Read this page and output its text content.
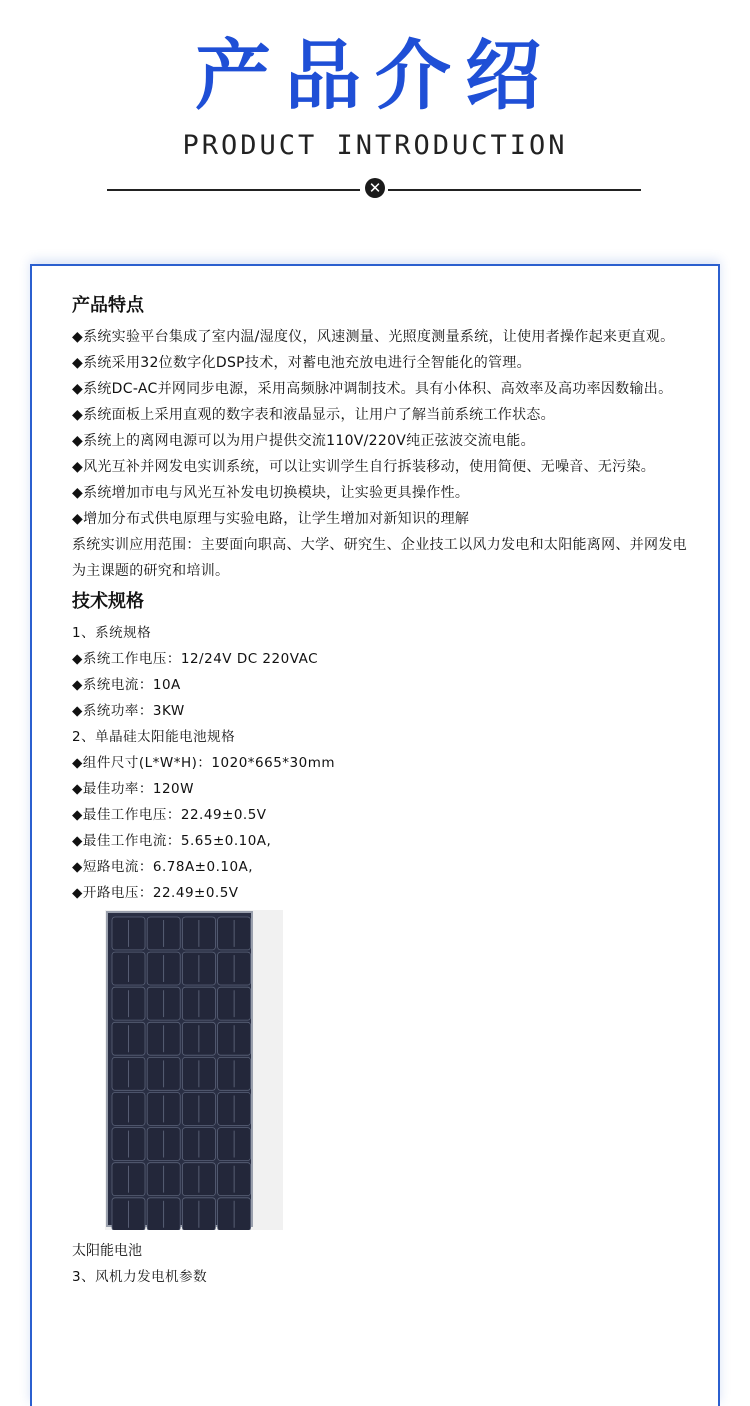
产品介绍
PRODUCT INTRODUCTION
✕
产品特点

◆系统实验平台集成了室内温/湿度仪，风速测量、光照度测量系统，让使用者操作起来更直观。

◆系统采用32位数字化DSP技术，对蓄电池充放电进行全智能化的管理。

◆系统DC-AC并网同步电源，采用高频脉冲调制技术。具有小体积、高效率及高功率因数输出。

◆系统面板上采用直观的数字表和液晶显示，让用户了解当前系统工作状态。

◆系统上的离网电源可以为用户提供交流110V/220V纯正弦波交流电能。

◆风光互补并网发电实训系统，可以让实训学生自行拆装移动，使用简便、无噪音、无污染。

◆系统增加市电与风光互补发电切换模块，让实验更具操作性。

◆增加分布式供电原理与实验电路，让学生增加对新知识的理解

系统实训应用范围：主要面向职高、大学、研究生、企业技工以风力发电和太阳能离网、并网发电为主课题的研究和培训。

技术规格

1、系统规格

◆系统工作电压：12/24V DC 220VAC

◆系统电流：10A

◆系统功率：3KW

2、单晶硅太阳能电池规格

◆组件尺寸(L*W*H)：1020*665*30mm

◆最佳功率：120W

◆最佳工作电压：22.49±0.5V

◆最佳工作电流：5.65±0.10A,

◆短路电流：6.78A±0.10A,

◆开路电压：22.49±0.5V

太阳能电池

3、风机力发电机参数
